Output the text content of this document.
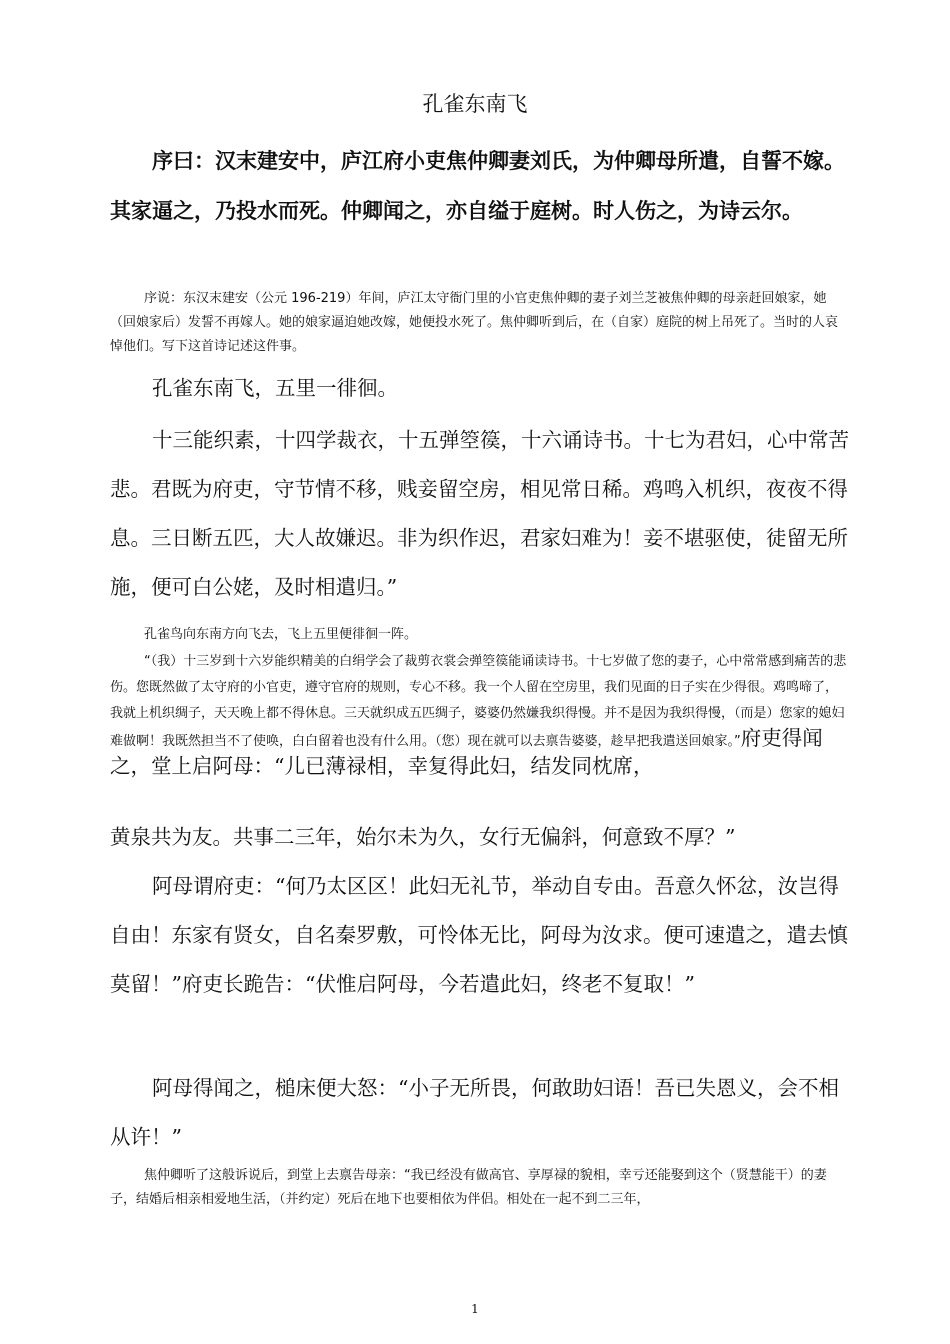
孔雀东南飞

序曰：汉末建安中，庐江府小吏焦仲卿妻刘氏，为仲卿母所遣，自誓不嫁。其家逼之，乃投水而死。仲卿闻之，亦自缢于庭树。时人伤之，为诗云尔。

序说：东汉末建安（公元 196-219）年间，庐江太守衙门里的小官吏焦仲卿的妻子刘兰芝被焦仲卿的母亲赶回娘家，她（回娘家后）发誓不再嫁人。她的娘家逼迫她改嫁，她便投水死了。焦仲卿听到后，在（自家）庭院的树上吊死了。当时的人哀悼他们。写下这首诗记述这件事。

孔雀东南飞，五里一徘徊。

十三能织素，十四学裁衣，十五弹箜篌，十六诵诗书。十七为君妇，心中常苦悲。君既为府吏，守节情不移，贱妾留空房，相见常日稀。鸡鸣入机织，夜夜不得息。三日断五匹，大人故嫌迟。非为织作迟，君家妇难为！妾不堪驱使，徒留无所施，便可白公姥，及时相遣归。”

孔雀鸟向东南方向飞去，飞上五里便徘徊一阵。

“（我）十三岁到十六岁能织精美的白绢学会了裁剪衣裳会弹箜篌能诵读诗书。十七岁做了您的妻子，心中常常感到痛苦的悲伤。您既然做了太守府的小官吏，遵守官府的规则，专心不移。我一个人留在空房里，我们见面的日子实在少得很。鸡鸣啼了，我就上机织绸子，天天晚上都不得休息。三天就织成五匹绸子，婆婆仍然嫌我织得慢。并不是因为我织得慢，（而是）您家的媳妇难做啊！我既然担当不了使唤，白白留着也没有什么用。（您）现在就可以去禀告婆婆，趁早把我遣送回娘家。”府吏得闻之，堂上启阿母：“儿已薄禄相，幸复得此妇，结发同枕席，

黄泉共为友。共事二三年，始尔未为久，女行无偏斜，何意致不厚？”

阿母谓府吏：“何乃太区区！此妇无礼节，举动自专由。吾意久怀忿，汝岂得自由！东家有贤女，自名秦罗敷，可怜体无比，阿母为汝求。便可速遣之，遣去慎莫留！”府吏长跪告：“伏惟启阿母，今若遣此妇，终老不复取！”

阿母得闻之，槌床便大怒：“小子无所畏，何敢助妇语！吾已失恩义，会不相从许！”

焦仲卿听了这般诉说后，到堂上去禀告母亲：“我已经没有做高官、享厚禄的貌相，幸亏还能娶到这个（贤慧能干）的妻子，结婚后相亲相爱地生活，（并约定）死后在地下也要相依为伴侣。相处在一起不到二三年，

1
